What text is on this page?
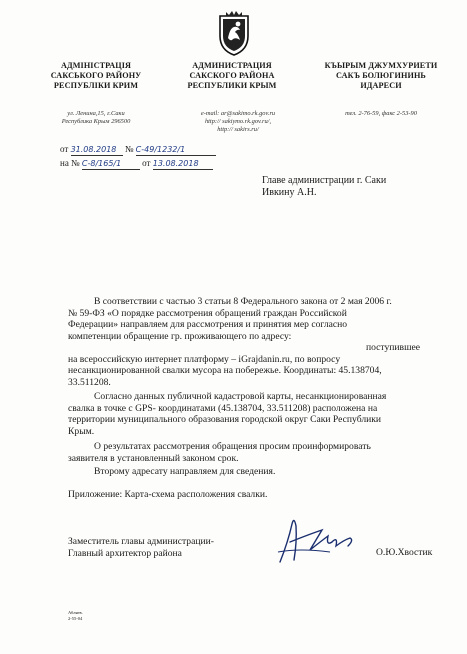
АДМІНІСТРАЦІЯ
САКСЬКОГО РАЙОНУ
РЕСПУБЛІКИ КРИМ
ул. Ленина,15, г.Саки
Республика Крым 296500
АДМИНИСТРАЦИЯ
САКСКОГО РАЙОНА
РЕСПУБЛИКИ КРЫМ
e-mail: ar@sakimo.rk.gov.ru
http:// sakiymo.rk.gov.ru/,
http:// sakirs.ru/
КЪЫРЫМ ДЖУМХУРИЕТИ
САКЪ БОЛЮГИНИНЬ
ИДАРЕСИ
тел. 2-76-59, факс 2-53-90
от 31.08.2018 № С-49/1232/1
на № С-8/165/1 от 13.08.2018
Главе администрации г. Саки
Ивкину А.Н.
В соответствии с частью 3 статьи 8 Федерального закона от 2 мая 2006 г.
№ 59-ФЗ «О порядке рассмотрения обращений граждан Российской
Федерации» направляем для рассмотрения и принятия мер согласно
компетенции обращение гр. проживающего по адресу:
поступившее
на всероссийскую интернет платформу – iGrajdanin.ru, по вопросу
несанкционированной свалки мусора на побережье. Координаты: 45.138704,
33.511208.
Согласно данных публичной кадастровой карты, несанкционированная
свалка в точке с GPS- координатами (45.138704, 33.511208) расположена на
территории муниципального образования городской округ Саки Республики
Крым.
О результатах рассмотрения обращения просим проинформировать
заявителя в установленный законом срок.
Второму адресату направляем для сведения.
Приложение: Карта-схема расположения свалки.
Заместитель главы администрации-
Главный архитектор района	О.Ю.Хвостик
Абляев.
2-55-04
